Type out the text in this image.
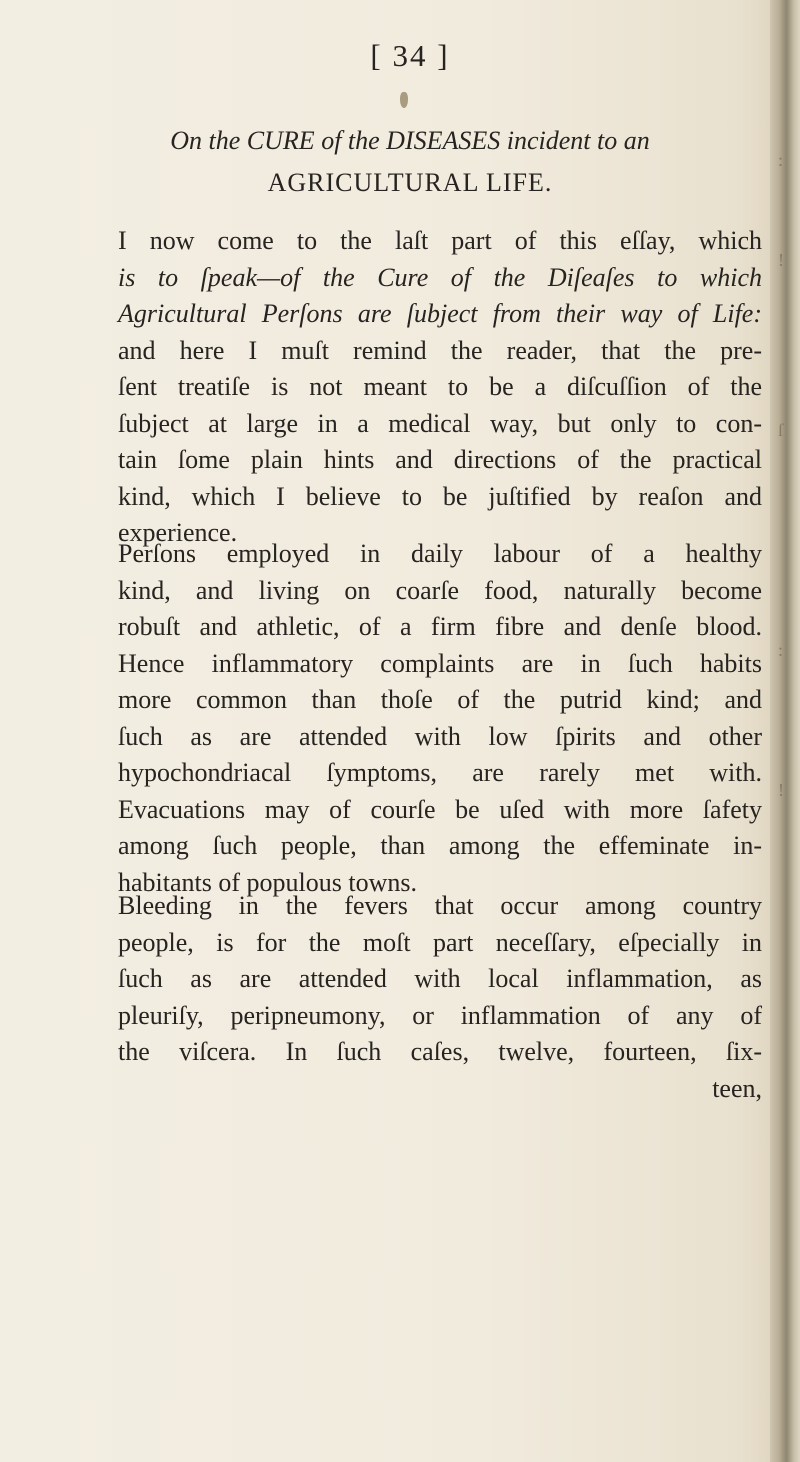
:
!
ſ
:
!
[ 34 ]
On the CURE of the DISEASES incident to an
AGRICULTURAL LIFE.
I now come to the laſt part of this eſſay, which
is to ſpeak—of the Cure of the Diſeaſes to which
Agricultural Perſons are ſubject from their way of Life:
and here I muſt remind the reader, that the pre-
ſent treatiſe is not meant to be a diſcuſſion of the
ſubject at large in a medical way, but only to con-
tain ſome plain hints and directions of the practical
kind, which I believe to be juſtified by reaſon and
experience.
Perſons employed in daily labour of a healthy
kind, and living on coarſe food, naturally become
robuſt and athletic, of a firm fibre and denſe blood.
Hence inflammatory complaints are in ſuch habits
more common than thoſe of the putrid kind; and
ſuch as are attended with low ſpirits and other
hypochondriacal ſymptoms, are rarely met with.
Evacuations may of courſe be uſed with more ſafety
among ſuch people, than among the effeminate in-
habitants of populous towns.
Bleeding in the fevers that occur among country
people, is for the moſt part neceſſary, eſpecially in
ſuch as are attended with local inflammation, as
pleuriſy, peripneumony, or inflammation of any of
the viſcera. In ſuch caſes, twelve, fourteen, ſix-
teen,
